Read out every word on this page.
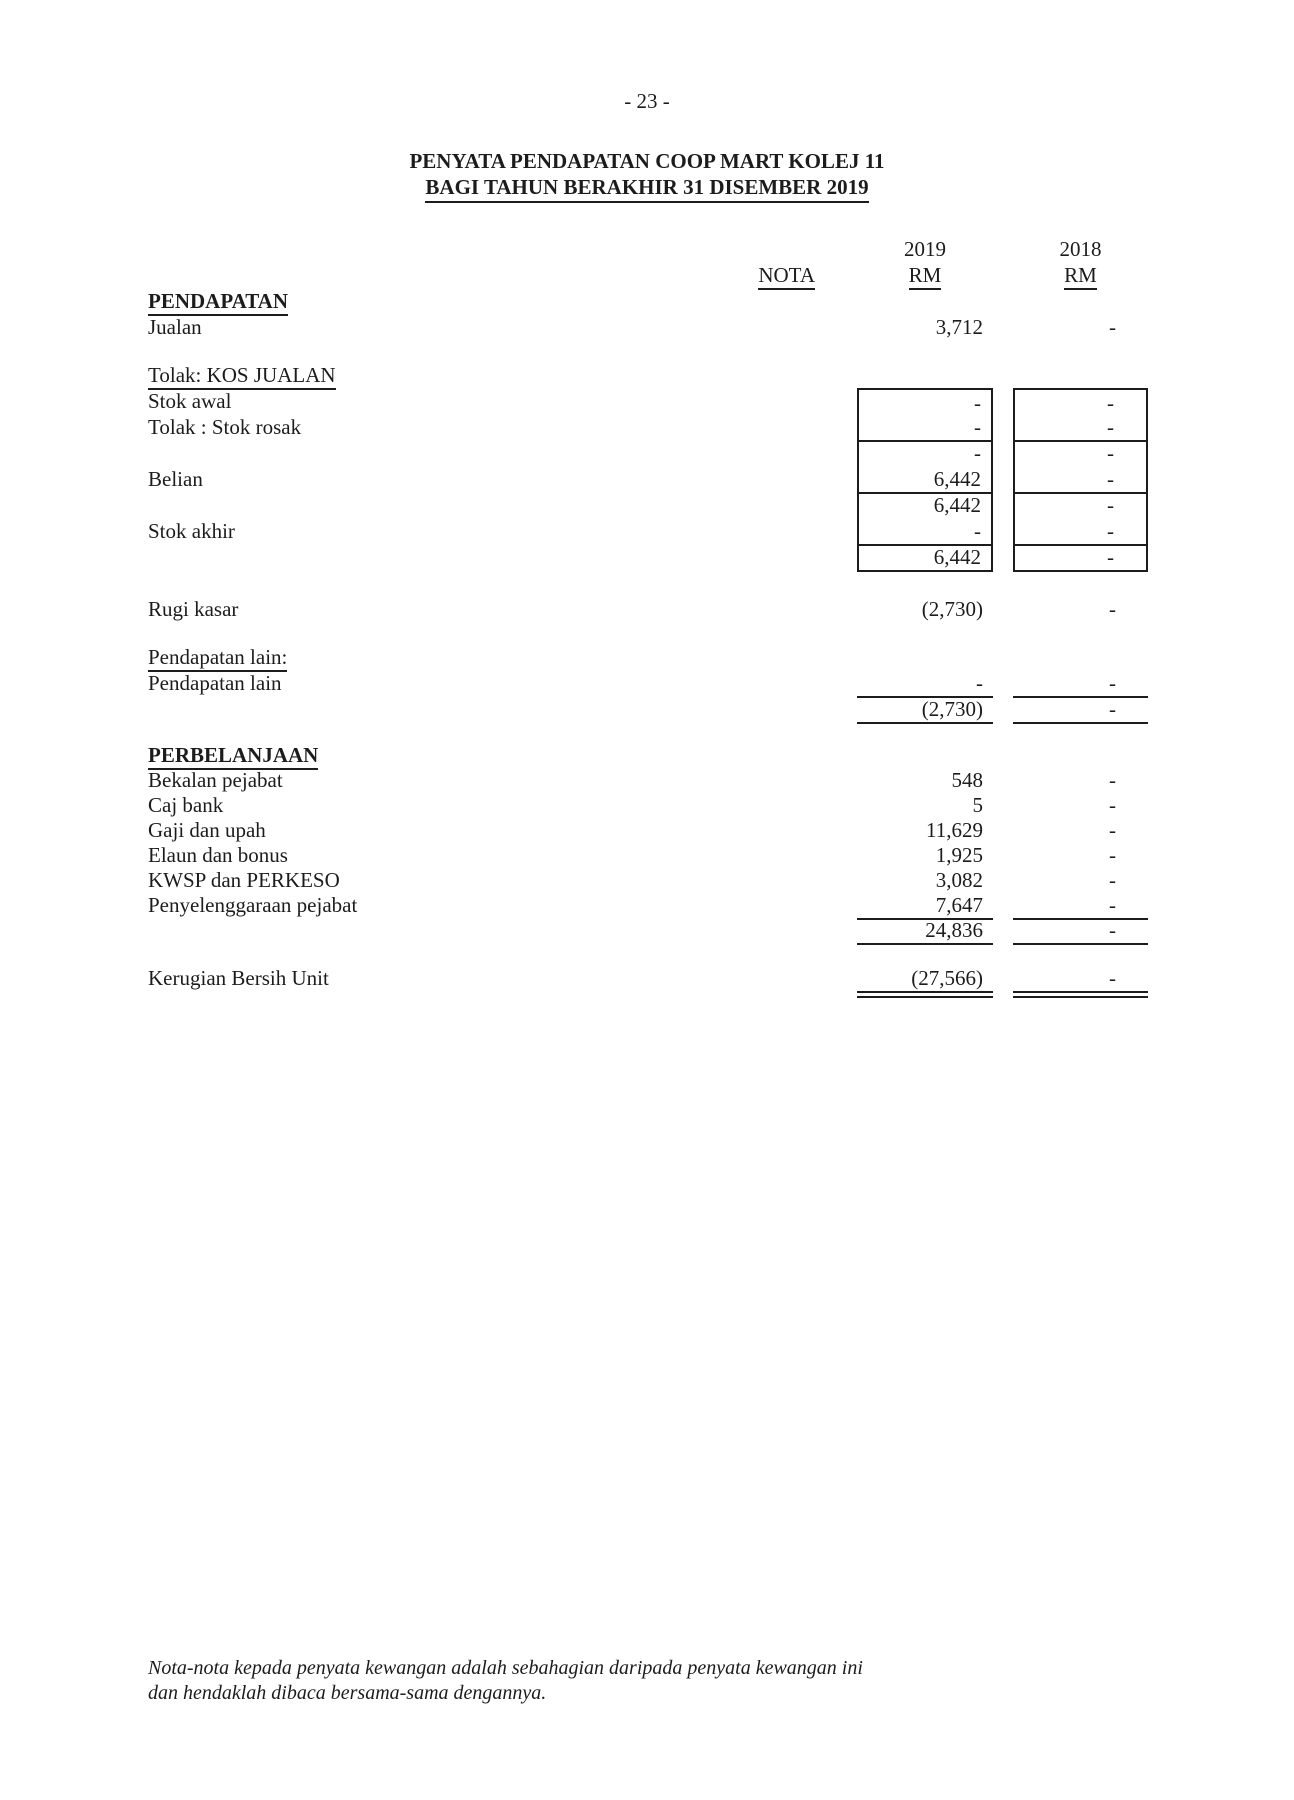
- 23 -
PENYATA PENDAPATAN COOP MART KOLEJ 11
BAGI TAHUN BERAKHIR 31 DISEMBER 2019
2019	2018
NOTA	RM	RM
PENDAPATAN
Jualan	3,712	-
Tolak: KOS JUALAN
Stok awal	-	-
Tolak : Stok rosak	-	-
-	-
Belian	6,442	-
6,442	-
Stok akhir	-	-
6,442	-
Rugi kasar	(2,730)	-
Pendapatan lain:
Pendapatan lain	-	-
(2,730)	-
PERBELANJAAN
Bekalan pejabat	548	-
Caj bank	5	-
Gaji dan upah	11,629	-
Elaun dan bonus	1,925	-
KWSP dan PERKESO	3,082	-
Penyelenggaraan pejabat	7,647	-
24,836	-
Kerugian Bersih Unit	(27,566)	-
Nota-nota kepada penyata kewangan adalah sebahagian daripada penyata kewangan ini
dan hendaklah dibaca bersama-sama dengannya.
